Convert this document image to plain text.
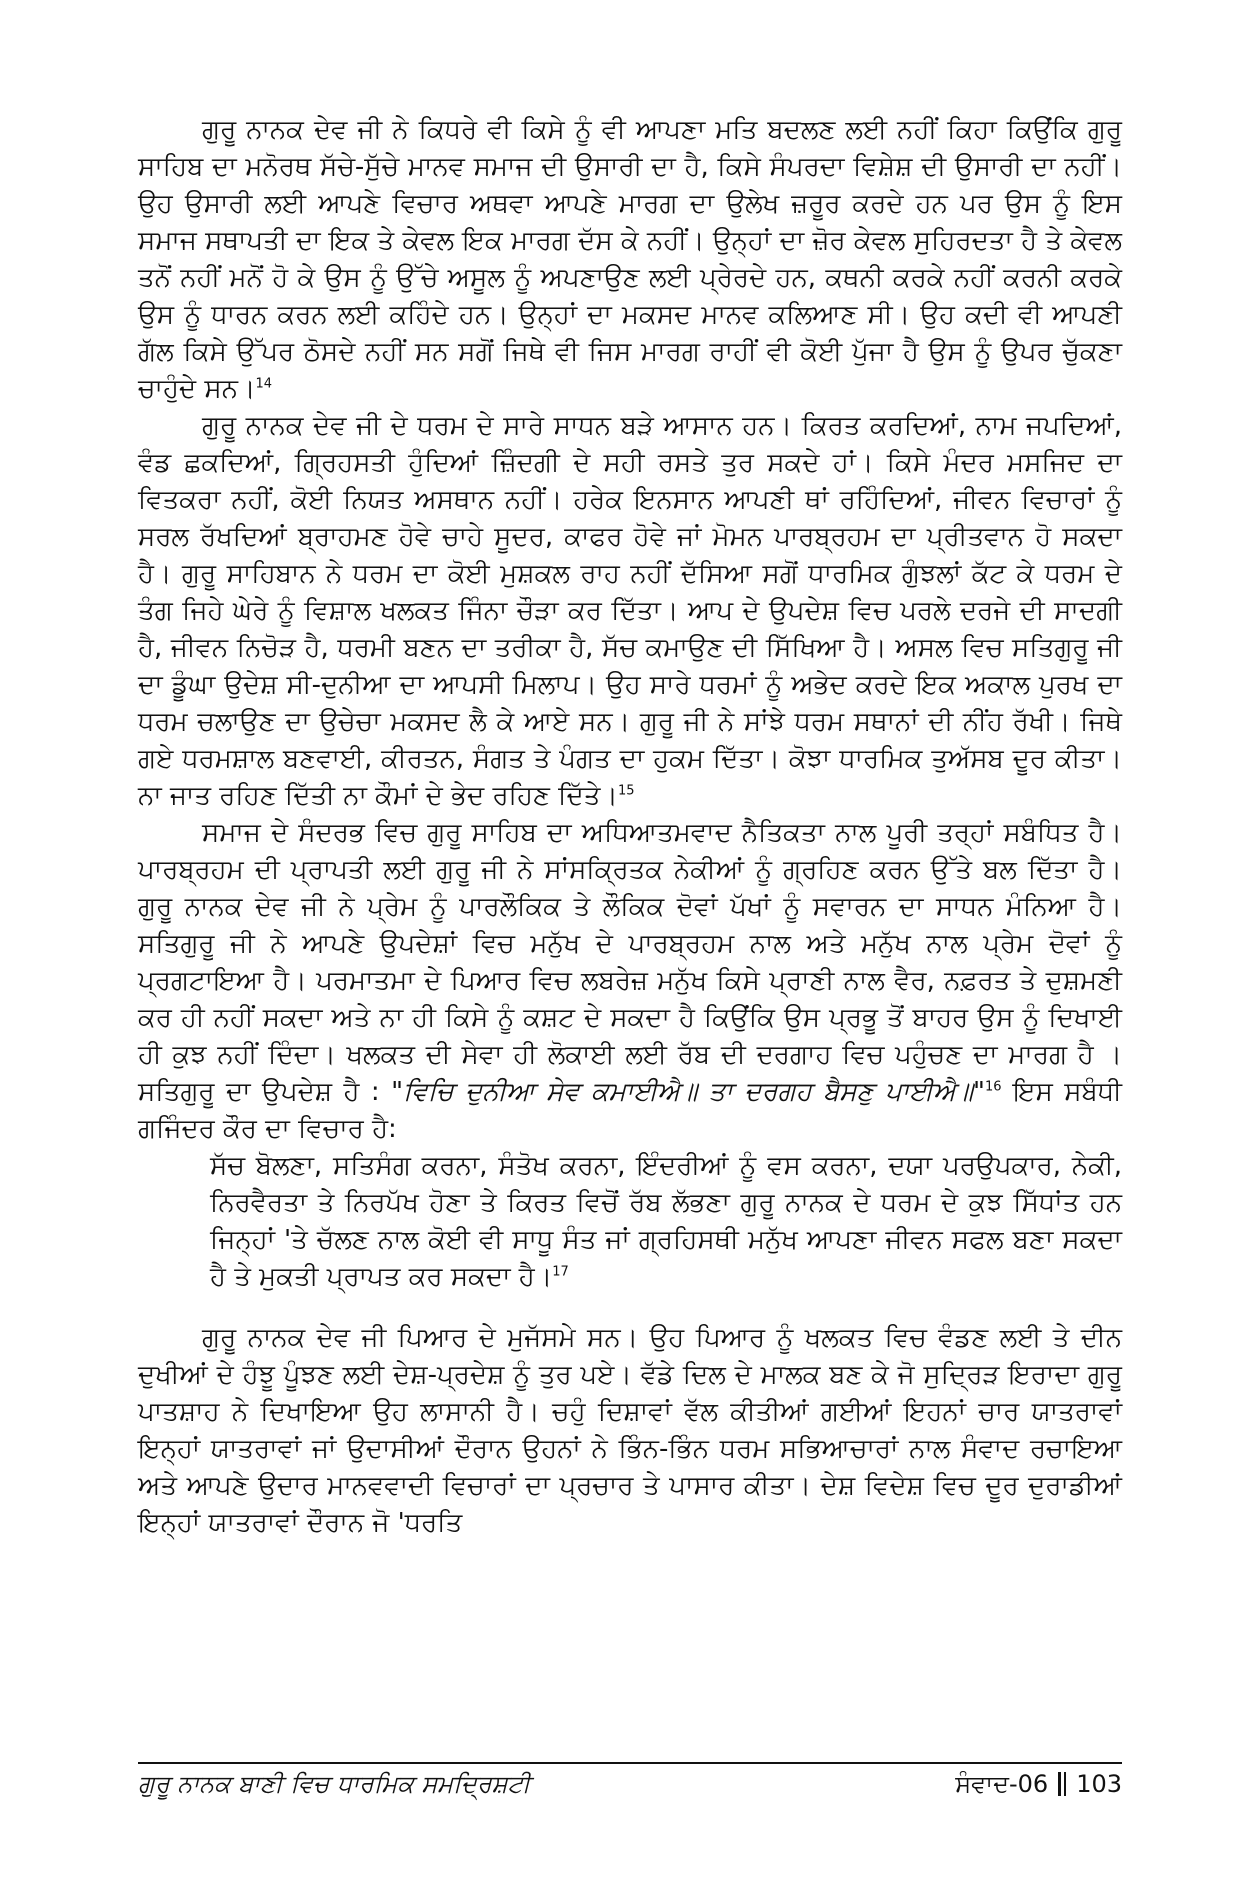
ਗੁਰੂ ਨਾਨਕ ਦੇਵ ਜੀ ਨੇ ਕਿਧਰੇ ਵੀ ਕਿਸੇ ਨੂੰ ਵੀ ਆਪਣਾ ਮਤਿ ਬਦਲਣ ਲਈ ਨਹੀਂ ਕਿਹਾ ਕਿਉਂਕਿ ਗੁਰੂ ਸਾਹਿਬ ਦਾ ਮਨੋਰਥ ਸੱਚੇ-ਸੁੱਚੇ ਮਾਨਵ ਸਮਾਜ ਦੀ ਉਸਾਰੀ ਦਾ ਹੈ, ਕਿਸੇ ਸੰਪਰਦਾ ਵਿਸ਼ੇਸ਼ ਦੀ ਉਸਾਰੀ ਦਾ ਨਹੀਂ। ਉਹ ਉਸਾਰੀ ਲਈ ਆਪਣੇ ਵਿਚਾਰ ਅਥਵਾ ਆਪਣੇ ਮਾਰਗ ਦਾ ਉਲੇਖ ਜ਼ਰੂਰ ਕਰਦੇ ਹਨ ਪਰ ਉਸ ਨੂੰ ਇਸ ਸਮਾਜ ਸਥਾਪਤੀ ਦਾ ਇਕ ਤੇ ਕੇਵਲ ਇਕ ਮਾਰਗ ਦੱਸ ਕੇ ਨਹੀਂ। ਉਨ੍ਹਾਂ ਦਾ ਜ਼ੋਰ ਕੇਵਲ ਸੁਹਿਰਦਤਾ ਹੈ ਤੇ ਕੇਵਲ ਤਨੋਂ ਨਹੀਂ ਮਨੋਂ ਹੋ ਕੇ ਉਸ ਨੂੰ ਉੱਚੇ ਅਸੂਲ ਨੂੰ ਅਪਣਾਉਣ ਲਈ ਪ੍ਰੇਰਦੇ ਹਨ, ਕਥਨੀ ਕਰਕੇ ਨਹੀਂ ਕਰਨੀ ਕਰਕੇ ਉਸ ਨੂੰ ਧਾਰਨ ਕਰਨ ਲਈ ਕਹਿੰਦੇ ਹਨ। ਉਨ੍ਹਾਂ ਦਾ ਮਕਸਦ ਮਾਨਵ ਕਲਿਆਣ ਸੀ। ਉਹ ਕਦੀ ਵੀ ਆਪਣੀ ਗੱਲ ਕਿਸੇ ਉੱਪਰ ਠੋਸਦੇ ਨਹੀਂ ਸਨ ਸਗੋਂ ਜਿਥੇ ਵੀ ਜਿਸ ਮਾਰਗ ਰਾਹੀਂ ਵੀ ਕੋਈ ਪੁੱਜਾ ਹੈ ਉਸ ਨੂੰ ਉਪਰ ਚੁੱਕਣਾ ਚਾਹੁੰਦੇ ਸਨ।$^{14}$

ਗੁਰੂ ਨਾਨਕ ਦੇਵ ਜੀ ਦੇ ਧਰਮ ਦੇ ਸਾਰੇ ਸਾਧਨ ਬੜੇ ਆਸਾਨ ਹਨ। ਕਿਰਤ ਕਰਦਿਆਂ, ਨਾਮ ਜਪਦਿਆਂ, ਵੰਡ ਛਕਦਿਆਂ, ਗ੍ਰਿਹਸਤੀ ਹੁੰਦਿਆਂ ਜ਼ਿੰਦਗੀ ਦੇ ਸਹੀ ਰਸਤੇ ਤੁਰ ਸਕਦੇ ਹਾਂ। ਕਿਸੇ ਮੰਦਰ ਮਸਜਿਦ ਦਾ ਵਿਤਕਰਾ ਨਹੀਂ, ਕੋਈ ਨਿਯਤ ਅਸਥਾਨ ਨਹੀਂ। ਹਰੇਕ ਇਨਸਾਨ ਆਪਣੀ ਥਾਂ ਰਹਿੰਦਿਆਂ, ਜੀਵਨ ਵਿਚਾਰਾਂ ਨੂੰ ਸਰਲ ਰੱਖਦਿਆਂ ਬ੍ਰਾਹਮਣ ਹੋਵੇ ਚਾਹੇ ਸੂਦਰ, ਕਾਫਰ ਹੋਵੇ ਜਾਂ ਮੋਮਨ ਪਾਰਬ੍ਰਹਮ ਦਾ ਪ੍ਰੀਤਵਾਨ ਹੋ ਸਕਦਾ ਹੈ। ਗੁਰੂ ਸਾਹਿਬਾਨ ਨੇ ਧਰਮ ਦਾ ਕੋਈ ਮੁਸ਼ਕਲ ਰਾਹ ਨਹੀਂ ਦੱਸਿਆ ਸਗੋਂ ਧਾਰਮਿਕ ਗੁੰਝਲਾਂ ਕੱਟ ਕੇ ਧਰਮ ਦੇ ਤੰਗ ਜਿਹੇ ਘੇਰੇ ਨੂੰ ਵਿਸ਼ਾਲ ਖਲਕਤ ਜਿੰਨਾ ਚੌੜਾ ਕਰ ਦਿੱਤਾ। ਆਪ ਦੇ ਉਪਦੇਸ਼ ਵਿਚ ਪਰਲੇ ਦਰਜੇ ਦੀ ਸਾਦਗੀ ਹੈ, ਜੀਵਨ ਨਿਚੋੜ ਹੈ, ਧਰਮੀ ਬਣਨ ਦਾ ਤਰੀਕਾ ਹੈ, ਸੱਚ ਕਮਾਉਣ ਦੀ ਸਿੱਖਿਆ ਹੈ। ਅਸਲ ਵਿਚ ਸਤਿਗੁਰੂ ਜੀ ਦਾ ਡੂੰਘਾ ਉਦੇਸ਼ ਸੀ-ਦੁਨੀਆ ਦਾ ਆਪਸੀ ਮਿਲਾਪ। ਉਹ ਸਾਰੇ ਧਰਮਾਂ ਨੂੰ ਅਭੇਦ ਕਰਦੇ ਇਕ ਅਕਾਲ ਪੁਰਖ ਦਾ ਧਰਮ ਚਲਾਉਣ ਦਾ ਉਚੇਚਾ ਮਕਸਦ ਲੈ ਕੇ ਆਏ ਸਨ। ਗੁਰੂ ਜੀ ਨੇ ਸਾਂਝੇ ਧਰਮ ਸਥਾਨਾਂ ਦੀ ਨੀਂਹ ਰੱਖੀ। ਜਿਥੇ ਗਏ ਧਰਮਸ਼ਾਲ ਬਣਵਾਈ, ਕੀਰਤਨ, ਸੰਗਤ ਤੇ ਪੰਗਤ ਦਾ ਹੁਕਮ ਦਿੱਤਾ। ਕੋਝਾ ਧਾਰਮਿਕ ਤੁਅੱਸਬ ਦੂਰ ਕੀਤਾ। ਨਾ ਜਾਤ ਰਹਿਣ ਦਿੱਤੀ ਨਾ ਕੌਮਾਂ ਦੇ ਭੇਦ ਰਹਿਣ ਦਿੱਤੇ।$^{15}$

ਸਮਾਜ ਦੇ ਸੰਦਰਭ ਵਿਚ ਗੁਰੂ ਸਾਹਿਬ ਦਾ ਅਧਿਆਤਮਵਾਦ ਨੈਤਿਕਤਾ ਨਾਲ ਪੂਰੀ ਤਰ੍ਹਾਂ ਸਬੰਧਿਤ ਹੈ। ਪਾਰਬ੍ਰਹਮ ਦੀ ਪ੍ਰਾਪਤੀ ਲਈ ਗੁਰੂ ਜੀ ਨੇ ਸਾਂਸਕ੍ਰਿਤਕ ਨੇਕੀਆਂ ਨੂੰ ਗ੍ਰਹਿਣ ਕਰਨ ਉੱਤੇ ਬਲ ਦਿੱਤਾ ਹੈ। ਗੁਰੂ ਨਾਨਕ ਦੇਵ ਜੀ ਨੇ ਪ੍ਰੇਮ ਨੂੰ ਪਾਰਲੌਕਿਕ ਤੇ ਲੌਕਿਕ ਦੋਵਾਂ ਪੱਖਾਂ ਨੂੰ ਸਵਾਰਨ ਦਾ ਸਾਧਨ ਮੰਨਿਆ ਹੈ। ਸਤਿਗੁਰੂ ਜੀ ਨੇ ਆਪਣੇ ਉਪਦੇਸ਼ਾਂ ਵਿਚ ਮਨੁੱਖ ਦੇ ਪਾਰਬ੍ਰਹਮ ਨਾਲ ਅਤੇ ਮਨੁੱਖ ਨਾਲ ਪ੍ਰੇਮ ਦੋਵਾਂ ਨੂੰ ਪ੍ਰਗਟਾਇਆ ਹੈ। ਪਰਮਾਤਮਾ ਦੇ ਪਿਆਰ ਵਿਚ ਲਬਰੇਜ਼ ਮਨੁੱਖ ਕਿਸੇ ਪ੍ਰਾਣੀ ਨਾਲ ਵੈਰ, ਨਫ਼ਰਤ ਤੇ ਦੁਸ਼ਮਣੀ ਕਰ ਹੀ ਨਹੀਂ ਸਕਦਾ ਅਤੇ ਨਾ ਹੀ ਕਿਸੇ ਨੂੰ ਕਸ਼ਟ ਦੇ ਸਕਦਾ ਹੈ ਕਿਉਂਕਿ ਉਸ ਪ੍ਰਭੂ ਤੋਂ ਬਾਹਰ ਉਸ ਨੂੰ ਦਿਖਾਈ ਹੀ ਕੁਝ ਨਹੀਂ ਦਿੰਦਾ। ਖਲਕਤ ਦੀ ਸੇਵਾ ਹੀ ਲੋਕਾਈ ਲਈ ਰੱਬ ਦੀ ਦਰਗਾਹ ਵਿਚ ਪਹੁੰਚਣ ਦਾ ਮਾਰਗ ਹੈ । ਸਤਿਗੁਰੂ ਦਾ ਉਪਦੇਸ਼ ਹੈ : "ਵਿਚਿ ਦੁਨੀਆ ਸੇਵ ਕਮਾਈਐ॥ ਤਾ ਦਰਗਹ ਬੈਸਣੁ ਪਾਈਐ॥"$^{16}$ ਇਸ ਸਬੰਧੀ ਗਜਿੰਦਰ ਕੌਰ ਦਾ ਵਿਚਾਰ ਹੈ:

ਸੱਚ ਬੋਲਣਾ, ਸਤਿਸੰਗ ਕਰਨਾ, ਸੰਤੋਖ ਕਰਨਾ, ਇੰਦਰੀਆਂ ਨੂੰ ਵਸ ਕਰਨਾ, ਦਯਾ ਪਰਉਪਕਾਰ, ਨੇਕੀ, ਨਿਰਵੈਰਤਾ ਤੇ ਨਿਰਪੱਖ ਹੋਣਾ ਤੇ ਕਿਰਤ ਵਿਚੋਂ ਰੱਬ ਲੱਭਣਾ ਗੁਰੂ ਨਾਨਕ ਦੇ ਧਰਮ ਦੇ ਕੁਝ ਸਿੱਧਾਂਤ ਹਨ ਜਿਨ੍ਹਾਂ 'ਤੇ ਚੱਲਣ ਨਾਲ ਕੋਈ ਵੀ ਸਾਧੂ ਸੰਤ ਜਾਂ ਗ੍ਰਹਿਸਥੀ ਮਨੁੱਖ ਆਪਣਾ ਜੀਵਨ ਸਫਲ ਬਣਾ ਸਕਦਾ ਹੈ ਤੇ ਮੁਕਤੀ ਪ੍ਰਾਪਤ ਕਰ ਸਕਦਾ ਹੈ।$^{17}$

ਗੁਰੂ ਨਾਨਕ ਦੇਵ ਜੀ ਪਿਆਰ ਦੇ ਮੁਜੱਸਮੇ ਸਨ। ਉਹ ਪਿਆਰ ਨੂੰ ਖਲਕਤ ਵਿਚ ਵੰਡਣ ਲਈ ਤੇ ਦੀਨ ਦੁਖੀਆਂ ਦੇ ਹੰਝੂ ਪੂੰਝਣ ਲਈ ਦੇਸ਼-ਪ੍ਰਦੇਸ਼ ਨੂੰ ਤੁਰ ਪਏ। ਵੱਡੇ ਦਿਲ ਦੇ ਮਾਲਕ ਬਣ ਕੇ ਜੋ ਸੁਦ੍ਰਿੜ ਇਰਾਦਾ ਗੁਰੂ ਪਾਤਸ਼ਾਹ ਨੇ ਦਿਖਾਇਆ ਉਹ ਲਾਸਾਨੀ ਹੈ। ਚਹੁੰ ਦਿਸ਼ਾਵਾਂ ਵੱਲ ਕੀਤੀਆਂ ਗਈਆਂ ਇਹਨਾਂ ਚਾਰ ਯਾਤਰਾਵਾਂ ਇਨ੍ਹਾਂ ਯਾਤਰਾਵਾਂ ਜਾਂ ਉਦਾਸੀਆਂ ਦੌਰਾਨ ਉਹਨਾਂ ਨੇ ਭਿੰਨ-ਭਿੰਨ ਧਰਮ ਸਭਿਆਚਾਰਾਂ ਨਾਲ ਸੰਵਾਦ ਰਚਾਇਆ ਅਤੇ ਆਪਣੇ ਉਦਾਰ ਮਾਨਵਵਾਦੀ ਵਿਚਾਰਾਂ ਦਾ ਪ੍ਰਚਾਰ ਤੇ ਪਾਸਾਰ ਕੀਤਾ। ਦੇਸ਼ ਵਿਦੇਸ਼ ਵਿਚ ਦੂਰ ਦੁਰਾਡੀਆਂ ਇਨ੍ਹਾਂ ਯਾਤਰਾਵਾਂ ਦੌਰਾਨ ਜੋ 'ਧਰਤਿ

ਗੁਰੂ ਨਾਨਕ ਬਾਣੀ ਵਿਚ ਧਾਰਮਿਕ ਸਮਦ੍ਰਿਸ਼ਟੀ	ਸੰਵਾਦ-06 103
